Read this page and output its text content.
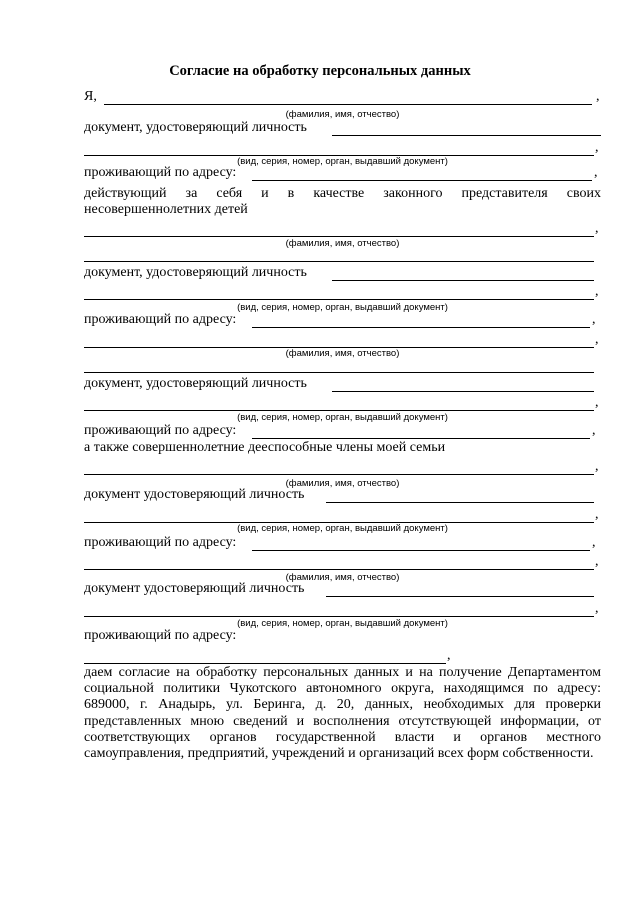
Согласие на обработку персональных данных
Я,	,
(фамилия, имя, отчество)
документ, удостоверяющий личность
,
(вид, серия, номер, орган, выдавший документ)
проживающий по адресу:	,
действующий за себя и в качестве законного представителя своих несовершеннолетних детей
,
(фамилия, имя, отчество)
документ, удостоверяющий личность
,
(вид, серия, номер, орган, выдавший документ)
проживающий по адресу:	,
,
(фамилия, имя, отчество)
документ, удостоверяющий личность
,
(вид, серия, номер, орган, выдавший документ)
проживающий по адресу:	,
а также совершеннолетние дееспособные члены моей семьи
,
(фамилия, имя, отчество)
документ удостоверяющий личность
,
(вид, серия, номер, орган, выдавший документ)
проживающий по адресу:	,
,
(фамилия, имя, отчество)
документ удостоверяющий личность
,
(вид, серия, номер, орган, выдавший документ)
проживающий по адресу:
,
даем согласие на обработку персональных данных и на получение Департаментом социальной политики Чукотского автономного округа, находящимся по адресу: 689000, г. Анадырь, ул. Беринга, д. 20, данных, необходимых для проверки представленных мною сведений и восполнения отсутствующей информации, от соответствующих органов государственной власти и органов местного самоуправления, предприятий, учреждений и организаций всех форм собственности.
